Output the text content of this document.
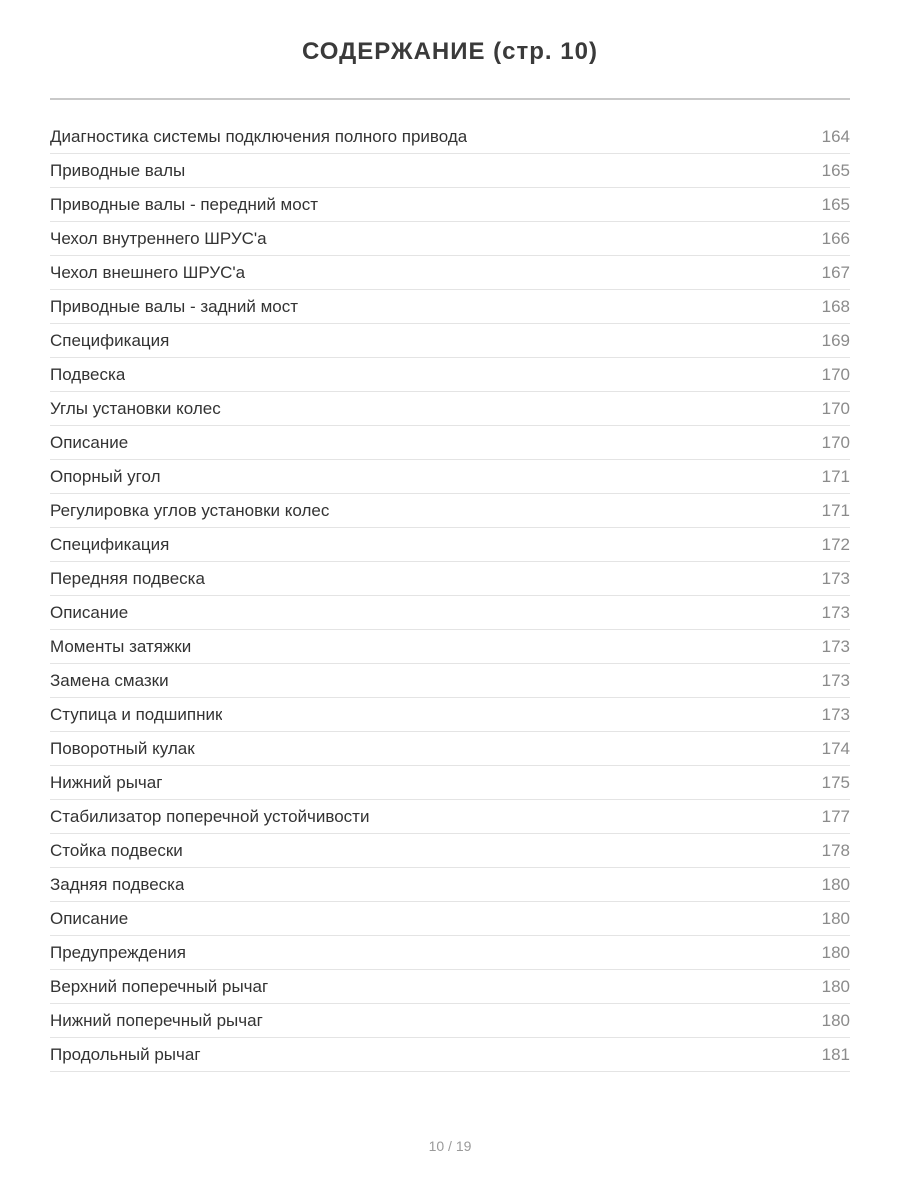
СОДЕРЖАНИЕ (стр. 10)
Диагностика системы подключения полного привода	164
Приводные валы	165
Приводные валы - передний мост	165
Чехол внутреннего ШРУС'а	166
Чехол внешнего ШРУС'а	167
Приводные валы - задний мост	168
Спецификация	169
Подвеска	170
Углы установки колес	170
Описание	170
Опорный угол	171
Регулировка углов установки колес	171
Спецификация	172
Передняя подвеска	173
Описание	173
Моменты затяжки	173
Замена смазки	173
Ступица и подшипник	173
Поворотный кулак	174
Нижний рычаг	175
Стабилизатор поперечной устойчивости	177
Стойка подвески	178
Задняя подвеска	180
Описание	180
Предупреждения	180
Верхний поперечный рычаг	180
Нижний поперечный рычаг	180
Продольный рычаг	181
10 / 19
